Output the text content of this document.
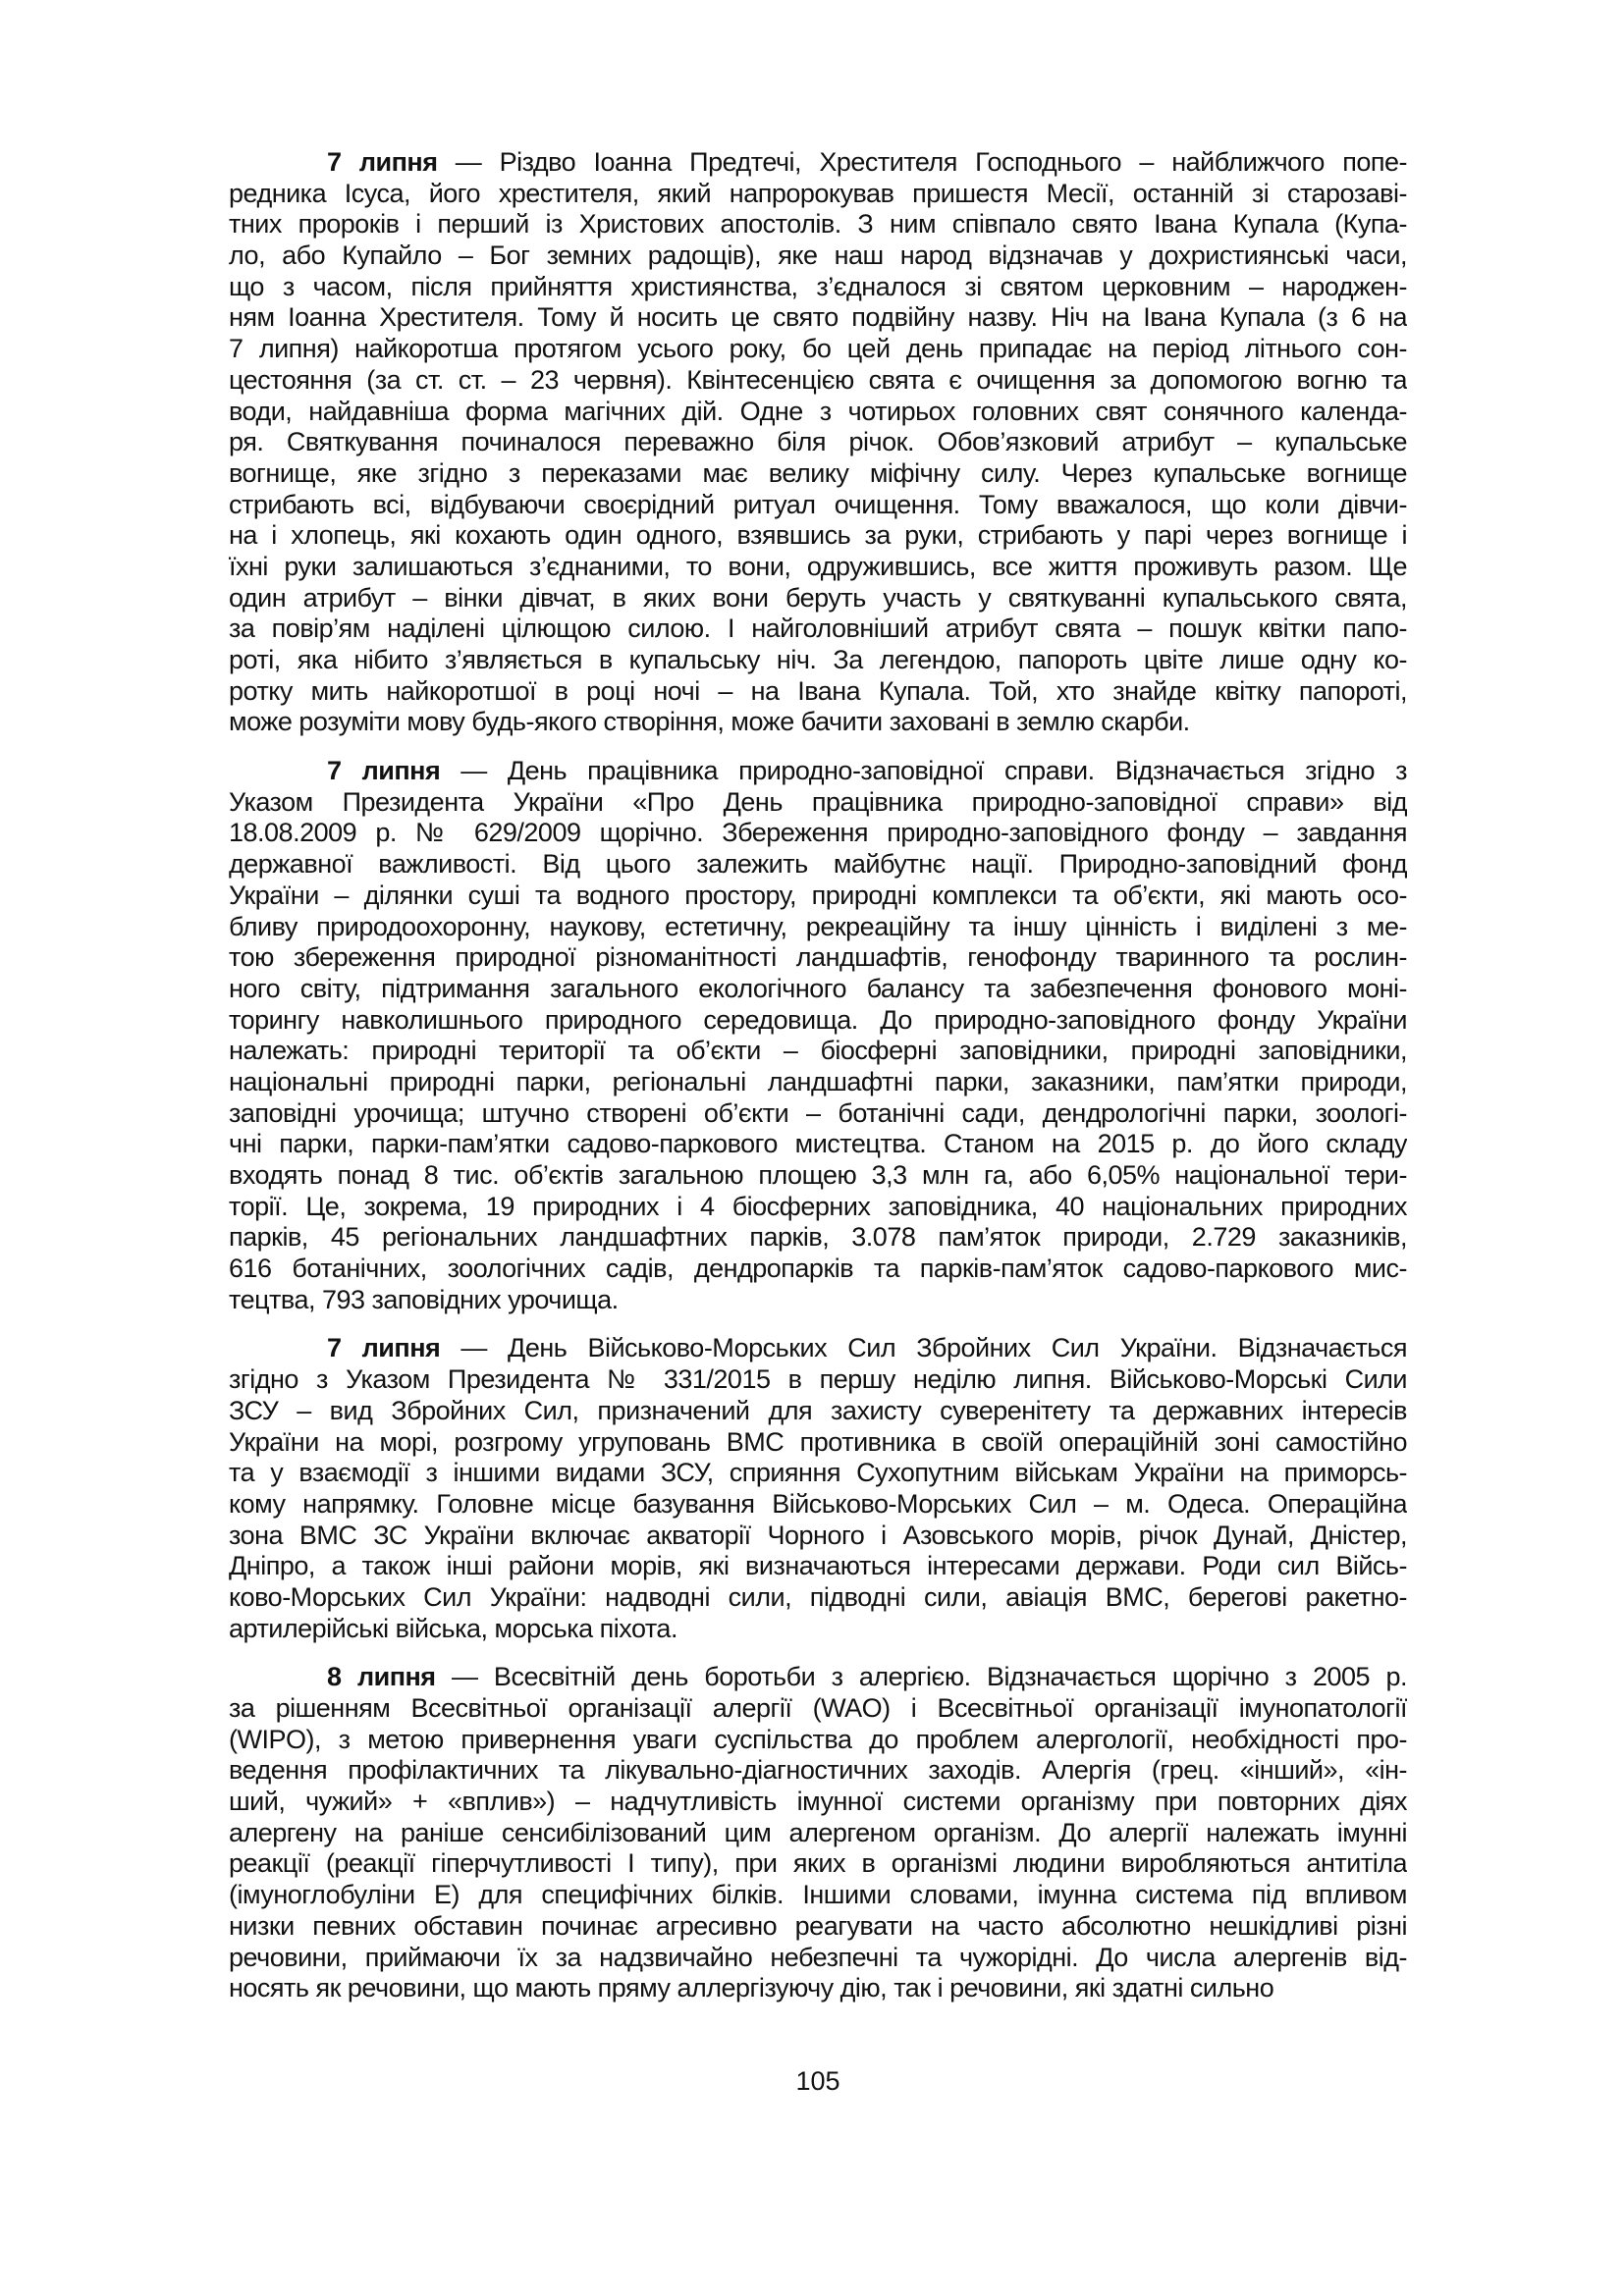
7 липня — Різдво Іоанна Предтечі, Хрестителя Господнього – найближчого попе-
редника Ісуса, його хрестителя, який напророкував пришестя Месії, останній зі старозаві-
тних пророків і перший із Христових апостолів. З ним співпало свято Івана Купала (Купа-
ло, або Купайло – Бог земних радощів), яке наш народ відзначав у дохристиянські часи,
що з часом, після прийняття християнства, з’єдналося зі святом церковним – народжен-
ням Іоанна Хрестителя. Тому й носить це свято подвійну назву. Ніч на Івана Купала (з 6 на
7 липня) найкоротша протягом усього року, бо цей день припадає на період літнього сон-
цестояння (за ст. ст. – 23 червня). Квінтесенцією свята є очищення за допомогою вогню та
води, найдавніша форма магічних дій. Одне з чотирьох головних свят сонячного календа-
ря. Святкування починалося переважно біля річок. Обов’язковий атрибут – купальське
вогнище, яке згідно з переказами має велику міфічну силу. Через купальське вогнище
стрибають всі, відбуваючи своєрідний ритуал очищення. Тому вважалося, що коли дівчи-
на і хлопець, які кохають один одного, взявшись за руки, стрибають у парі через вогнище і
їхні руки залишаються з’єднаними, то вони, одружившись, все життя проживуть разом. Ще
один атрибут – вінки дівчат, в яких вони беруть участь у святкуванні купальського свята,
за повір’ям наділені цілющою силою. І найголовніший атрибут свята – пошук квітки папо-
роті, яка нібито з’являється в купальську ніч. За легендою, папороть цвіте лише одну ко-
ротку мить найкоротшої в році ночі – на Івана Купала. Той, хто знайде квітку папороті,
може розуміти мову будь-якого створіння, може бачити заховані в землю скарби.
7 липня — День працівника природно-заповідної справи. Відзначається згідно з
Указом Президента України «Про День працівника природно-заповідної справи» від
18.08.2009 р. № 629/2009 щорічно. Збереження природно-заповідного фонду – завдання
державної важливості. Від цього залежить майбутнє нації. Природно-заповідний фонд
України – ділянки суші та водного простору, природні комплекси та об’єкти, які мають осо-
бливу природоохоронну, наукову, естетичну, рекреаційну та іншу цінність і виділені з ме-
тою збереження природної різноманітності ландшафтів, генофонду тваринного та рослин-
ного світу, підтримання загального екологічного балансу та забезпечення фонового моні-
торингу навколишнього природного середовища. До природно-заповідного фонду України
належать: природні території та об’єкти – біосферні заповідники, природні заповідники,
національні природні парки, регіональні ландшафтні парки, заказники, пам’ятки природи,
заповідні урочища; штучно створені об’єкти – ботанічні сади, дендрологічні парки, зоологі-
чні парки, парки-пам’ятки садово-паркового мистецтва. Станом на 2015 р. до його складу
входять понад 8 тис. об’єктів загальною площею 3,3 млн га, або 6,05% національної тери-
торії. Це, зокрема, 19 природних і 4 біосферних заповідника, 40 національних природних
парків, 45 регіональних ландшафтних парків, 3.078 пам’яток природи, 2.729 заказників,
616 ботанічних, зоологічних садів, дендропарків та парків-пам’яток садово-паркового мис-
тецтва, 793 заповідних урочища.
7 липня — День Військово-Морських Сил Збройних Сил України. Відзначається
згідно з Указом Президента № 331/2015 в першу неділю липня. Військово-Морські Сили
ЗСУ – вид Збройних Сил, призначений для захисту суверенітету та державних інтересів
України на морі, розгрому угруповань ВМС противника в своїй операційній зоні самостійно
та у взаємодії з іншими видами ЗСУ, сприяння Сухопутним військам України на приморсь-
кому напрямку. Головне місце базування Військово-Морських Сил – м. Одеса. Операційна
зона ВМС ЗС України включає акваторії Чорного і Азовського морів, річок Дунай, Дністер,
Дніпро, а також інші райони морів, які визначаються інтересами держави. Роди сил Війсь-
ково-Морських Сил України: надводні сили, підводні сили, авіація ВМС, берегові ракетно-
артилерійські війська, морська піхота.
8 липня — Всесвітній день боротьби з алергією. Відзначається щорічно з 2005 р.
за рішенням Всесвітньої організації алергії (WAO) і Всесвітньої організації імунопатології
(WIPO), з метою привернення уваги суспільства до проблем алергології, необхідності про-
ведення профілактичних та лікувально-діагностичних заходів. Алергія (грец. «інший», «ін-
ший, чужий» + «вплив») – надчутливість імунної системи організму при повторних діях
алергену на раніше сенсибілізований цим алергеном організм. До алергії належать імунні
реакції (реакції гіперчутливості І типу), при яких в організмі людини виробляються антитіла
(імуноглобуліни Е) для специфічних білків. Іншими словами, імунна система під впливом
низки певних обставин починає агресивно реагувати на часто абсолютно нешкідливі різні
речовини, приймаючи їх за надзвичайно небезпечні та чужорідні. До числа алергенів від-
носять як речовини, що мають пряму аллергізуючу дію, так і речовини, які здатні сильно
105
